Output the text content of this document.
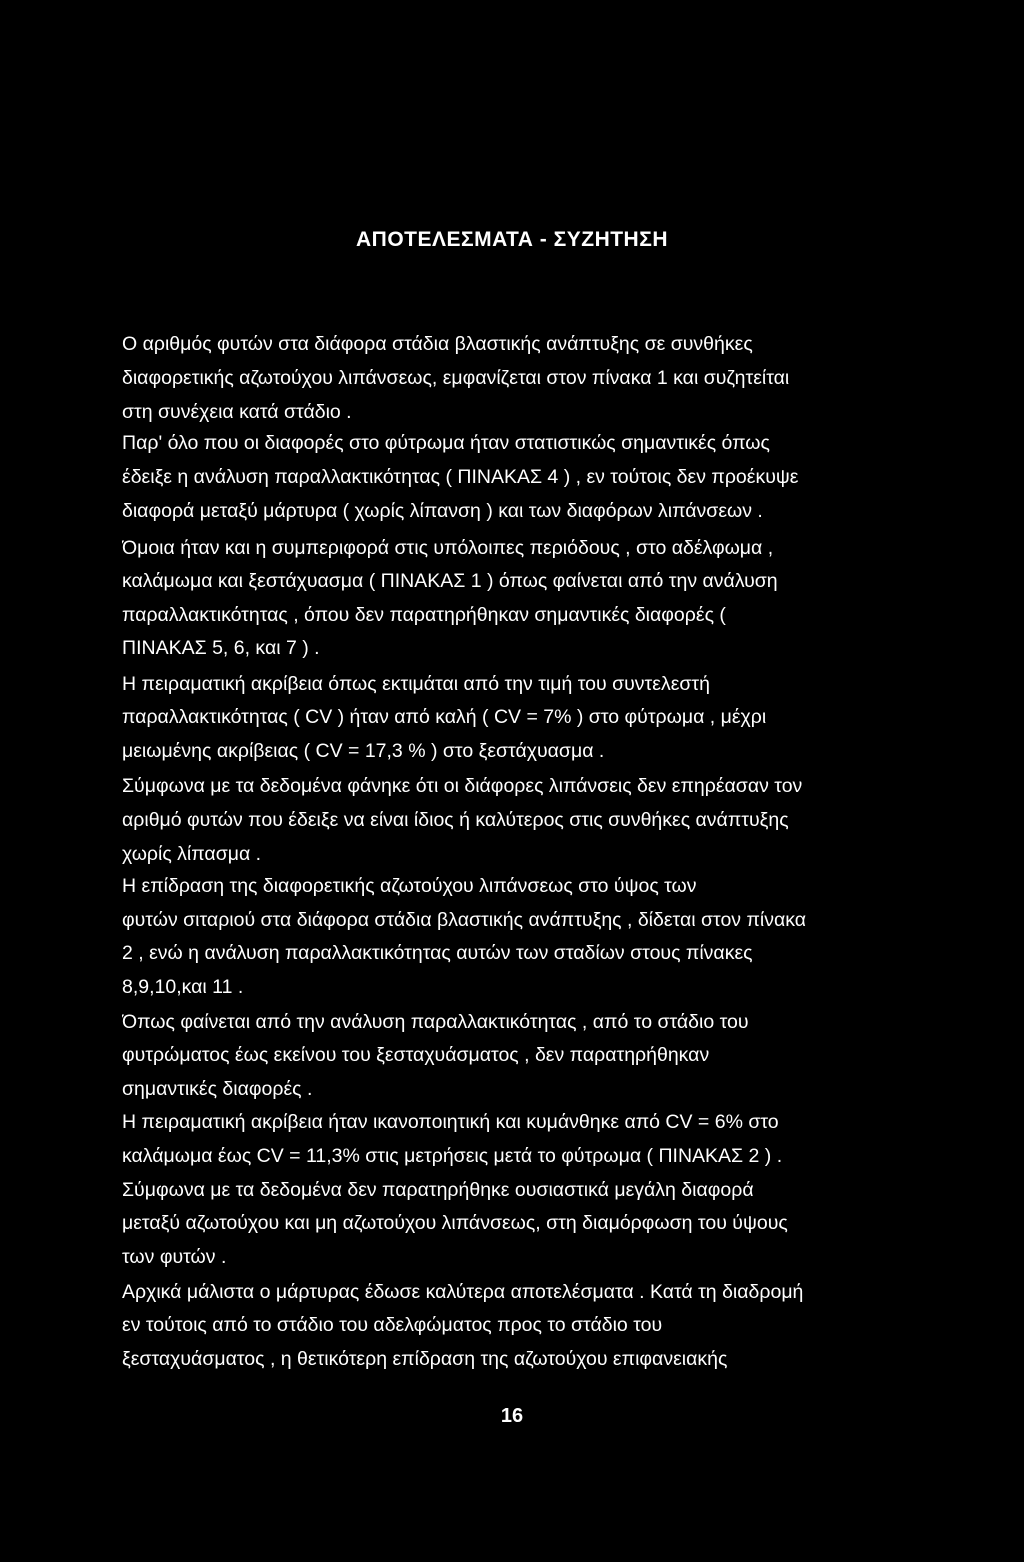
ΑΠΟΤΕΛΕΣΜΑΤΑ - ΣΥΖΗΤΗΣΗ
Ο αριθμός φυτών στα διάφορα στάδια βλαστικής ανάπτυξης σε συνθήκες
διαφορετικής αζωτούχου λιπάνσεως, εμφανίζεται στον πίνακα 1 και συζητείται
στη συνέχεια κατά στάδιο .
Παρ' όλο που οι διαφορές στο φύτρωμα ήταν στατιστικώς σημαντικές όπως
έδειξε η ανάλυση παραλλακτικότητας ( ΠΙΝΑΚΑΣ 4 ) , εν τούτοις δεν προέκυψε
διαφορά μεταξύ μάρτυρα ( χωρίς λίπανση ) και των διαφόρων λιπάνσεων .
Όμοια ήταν και η συμπεριφορά στις υπόλοιπες περιόδους , στο αδέλφωμα ,
καλάμωμα και ξεστάχυασμα ( ΠΙΝΑΚΑΣ 1 ) όπως φαίνεται από την ανάλυση
παραλλακτικότητας , όπου δεν παρατηρήθηκαν σημαντικές διαφορές (
ΠΙΝΑΚΑΣ 5, 6, και 7 ) .
Η πειραματική ακρίβεια όπως εκτιμάται από την τιμή του συντελεστή
παραλλακτικότητας ( CV ) ήταν από καλή ( CV = 7% ) στο φύτρωμα , μέχρι
μειωμένης ακρίβειας ( CV = 17,3 % ) στο ξεστάχυασμα .
Σύμφωνα με τα δεδομένα φάνηκε ότι οι διάφορες λιπάνσεις δεν επηρέασαν τον
αριθμό φυτών που έδειξε να είναι ίδιος ή καλύτερος στις συνθήκες ανάπτυξης
χωρίς λίπασμα .
Η επίδραση της διαφορετικής αζωτούχου λιπάνσεως στο ύψος των
φυτών σιταριού στα διάφορα στάδια βλαστικής ανάπτυξης , δίδεται στον πίνακα
2 , ενώ η ανάλυση παραλλακτικότητας αυτών των σταδίων στους πίνακες
8,9,10,και 11 .
Όπως φαίνεται από την ανάλυση παραλλακτικότητας , από το στάδιο του
φυτρώματος έως εκείνου του ξεσταχυάσματος , δεν παρατηρήθηκαν
σημαντικές διαφορές .
Η πειραματική ακρίβεια ήταν ικανοποιητική και κυμάνθηκε από CV = 6% στο
καλάμωμα έως CV = 11,3% στις μετρήσεις μετά το φύτρωμα ( ΠΙΝΑΚΑΣ 2 ) .
Σύμφωνα με τα δεδομένα δεν παρατηρήθηκε ουσιαστικά μεγάλη διαφορά
μεταξύ αζωτούχου και μη αζωτούχου λιπάνσεως, στη διαμόρφωση του ύψους
των φυτών .
Αρχικά μάλιστα ο μάρτυρας έδωσε καλύτερα αποτελέσματα . Κατά τη διαδρομή
εν τούτοις από το στάδιο του αδελφώματος προς το στάδιο του
ξεσταχυάσματος , η θετικότερη επίδραση της αζωτούχου επιφανειακής
16
